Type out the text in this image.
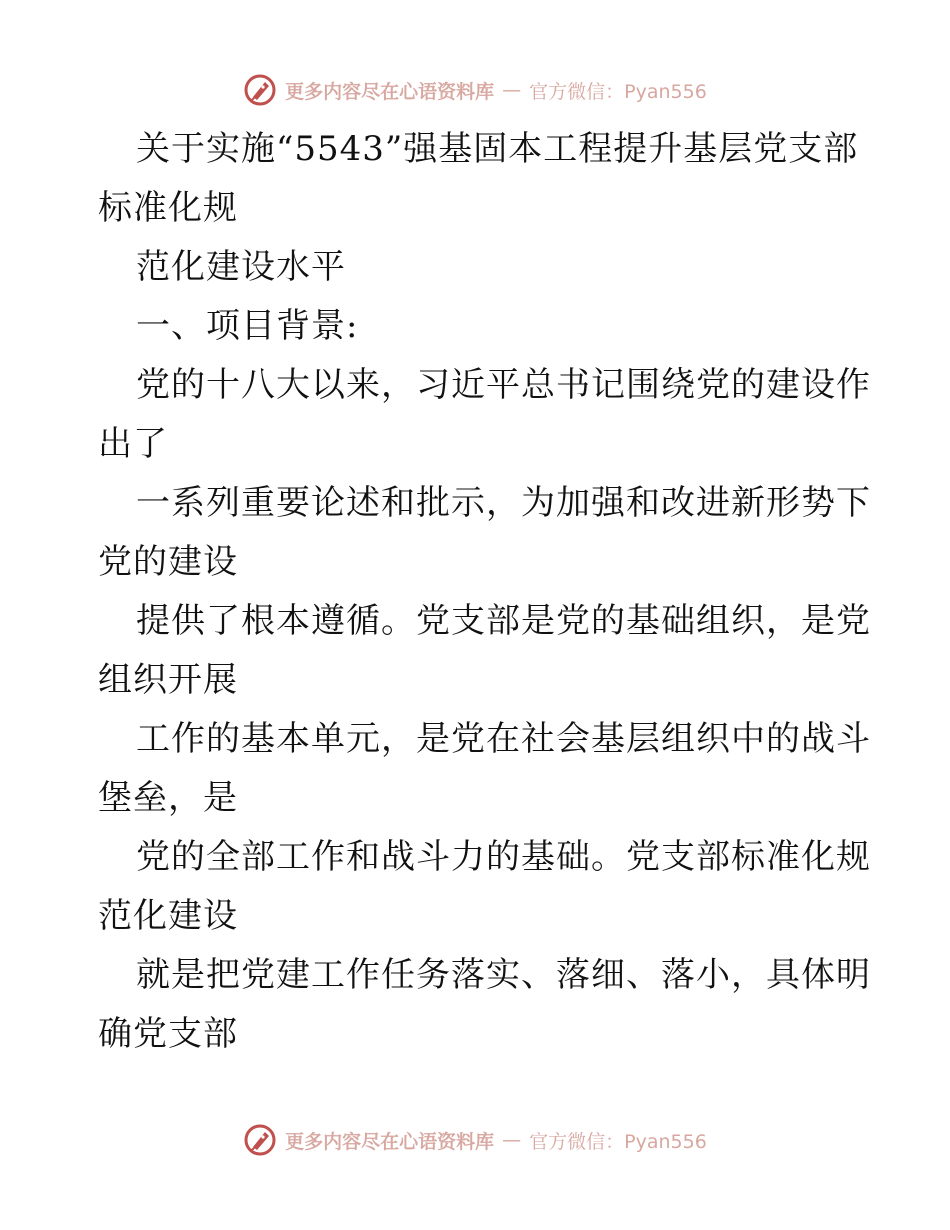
更多内容尽在心语资料库 — 官方微信：Pyan556
关于实施“5543”强基固本工程提升基层党支部
标准化规
范化建设水平
一、项目背景:
党的十八大以来，习近平总书记围绕党的建设作
出了
一系列重要论述和批示，为加强和改进新形势下
党的建设
提供了根本遵循。党支部是党的基础组织，是党
组织开展
工作的基本单元，是党在社会基层组织中的战斗
堡垒，是
党的全部工作和战斗力的基础。党支部标准化规
范化建设
就是把党建工作任务落实、落细、落小，具体明
确党支部
更多内容尽在心语资料库 — 官方微信：Pyan556
